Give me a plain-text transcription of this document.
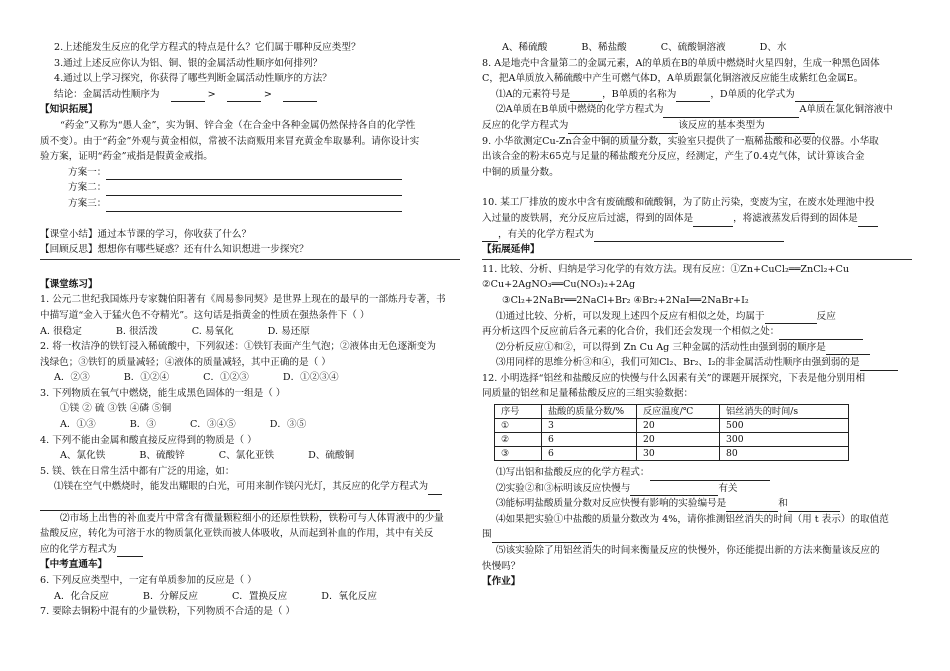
2.上述能发生反应的化学方程式的特点是什么？它们属于哪种反应类型？
3.通过上述反应你认为铝、铜、银的金属活动性顺序如何排列？
4.通过以上学习探究，你获得了哪些判断金属活动性顺序的方法？
结论：金属活动性顺序为	>	>
【知识拓展】
“药金”又称为“愚人金”，实为铜、锌合金（在合金中各种金属仍然保持各自的化学性
质不变）。由于“药金”外观与黄金相似，常被不法商贩用来冒充黄金牟取暴利。请你设计实
验方案，证明“药金”戒指是假黄金戒指。
方案一：
方案二：
方案三：
【课堂小结】通过本节课的学习，你收获了什么？
【回顾反思】想想你有哪些疑惑？还有什么知识想进一步探究？
【课堂练习】
1. 公元二世纪我国炼丹专家魏伯阳著有《周易参同契》是世界上现在的最早的一部炼丹专著，书
中描写道“金入于猛火色不夺精光”。这句话是指黄金的性质在强热条件下（ ）
A. 很稳定	B. 很活泼	C. 易氧化	D. 易还原
2. 将一枚洁净的铁钉浸入稀硫酸中，下列叙述：①铁钉表面产生气泡；②液体由无色逐渐变为
浅绿色；③铁钉的质量减轻；④液体的质量减轻，其中正确的是（ ）
A．②③	B．①②④	C．①②③	D．①②③④
3. 下列物质在氧气中燃烧，能生成黑色固体的一组是（ ）
①镁 ② 硫 ③铁 ④磷 ⑤铜
A．①③	B．③	C．③④⑤	D．③⑤
4. 下列不能由金属和酸直接反应得到的物质是（ ）
A、氯化铁	B、硫酸锌	C、氯化亚铁	D、硫酸铜
5. 镁、铁在日常生活中都有广泛的用途，如：
⑴镁在空气中燃烧时，能发出耀眼的白光，可用来制作镁闪光灯，其反应的化学方程式为
⑵市场上出售的补血麦片中常含有微量颗粒细小的还原性铁粉，铁粉可与人体胃液中的少量
盐酸反应，转化为可溶于水的物质氯化亚铁而被人体吸收，从而起到补血的作用，其中有关反
应的化学方程式为
【中考直通车】
6. 下列反应类型中，一定有单质参加的反应是（ ）
A．化合反应	B．分解反应	C．置换反应	D．氧化反应
7. 要除去铜粉中混有的少量铁粉，下列物质不合适的是（ ）
A、稀硫酸	B、稀盐酸	C、硫酸铜溶液	D、水
8. A是地壳中含量第二的金属元素，A的单质在B的单质中燃烧时火星四射，生成一种黑色固体
C，把A单质放入稀硫酸中产生可燃气体D，A单质跟氯化铜溶液反应能生成紫红色金属E。
⑴A的元素符号是	，B单质的名称为	，D单质的化学式为
⑵A单质在B单质中燃烧的化学方程式为	A单质在氯化铜溶液中
反应的化学方程式为	该反应的基本类型为
9. 小华欲测定Cu-Zn合金中铜的质量分数，实验室只提供了一瓶稀盐酸和必要的仪器。小华取
出该合金的粉末65克与足量的稀盐酸充分反应，经测定，产生了0.4克气体，试计算该合金
中铜的质量分数。
10. 某工厂排放的废水中含有废硫酸和硫酸铜，为了防止污染，变废为宝，在废水处理池中投
入过量的废铁屑，充分反应后过滤，得到的固体是	，将滤液蒸发后得到的固体是
，有关的化学方程式为
【拓展延伸】
11. 比较、分析、归纳是学习化学的有效方法。现有反应：①Zn+CuCl₂══ZnCl₂+Cu
②Cu+2AgNO₃══Cu(NO₃)₂+2Ag
③Cl₂+2NaBr══2NaCl+Br₂ ④Br₂+2NaI══2NaBr+I₂
⑴通过比较、分析，可以发现上述四个反应有相似之处，均属于	反应
再分析这四个反应前后各元素的化合价，我们还会发现一个相似之处：
⑵分析反应①和②，可以得到 Zn Cu Ag 三种金属的活动性由强到弱的顺序是
⑶用同样的思维分析③和④，我们可知Cl₂、Br₂、I₂的非金属活动性顺序由强到弱的是
12. 小明选择“铝丝和盐酸反应的快慢与什么因素有关”的课题开展探究，下表是他分别用相
同质量的铝丝和足量稀盐酸反应的三组实验数据：
序号	盐酸的质量分数/%	反应温度/℃	铝丝消失的时间/s
①	3	20	500
②	6	20	300
③	6	30	80
⑴写出铝和盐酸反应的化学方程式：
⑵实验②和③标明该反应快慢与	有关
⑶能标明盐酸质量分数对反应快慢有影响的实验编号是	和
⑷如果把实验①中盐酸的质量分数改为 4%，请你推测铝丝消失的时间（用 t 表示）的取值范
围
⑸该实验除了用铝丝消失的时间来衡量反应的快慢外，你还能提出新的方法来衡量该反应的
快慢吗？
【作业】
